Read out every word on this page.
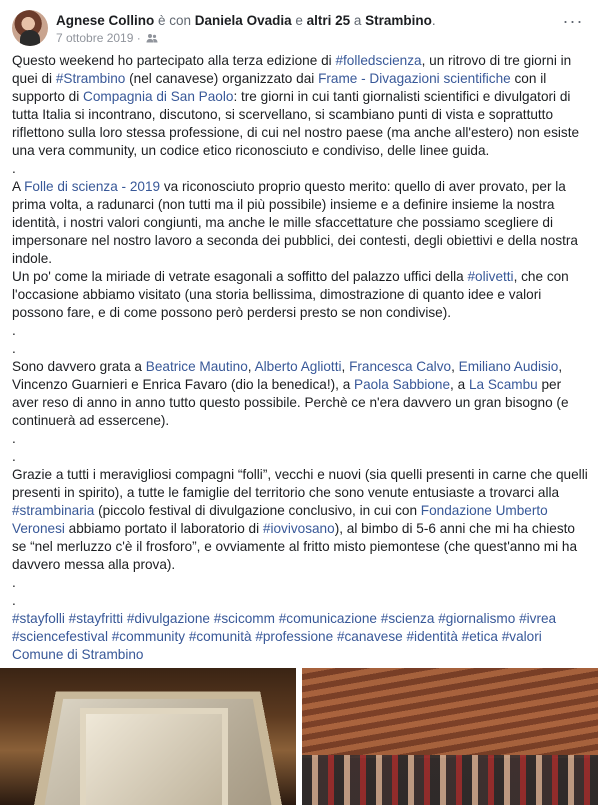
Agnese Collino è con Daniela Ovadia e altri 25 a Strambino.
7 ottobre 2019 ·
···

Questo weekend ho partecipato alla terza edizione di #folledscienza, un ritrovo di tre giorni in quei di #Strambino (nel canavese) organizzato dai Frame - Divagazioni scientifiche con il supporto di Compagnia di San Paolo: tre giorni in cui tanti giornalisti scientifici e divulgatori di tutta Italia si incontrano, discutono, si scervellano, si scambiano punti di vista e soprattutto riflettono sulla loro stessa professione, di cui nel nostro paese (ma anche all'estero) non esiste una vera community, un codice etico riconosciuto e condiviso, delle linee guida.

.

A Folle di scienza - 2019 va riconosciuto proprio questo merito: quello di aver provato, per la prima volta, a radunarci (non tutti ma il più possibile) insieme e a definire insieme la nostra identità, i nostri valori congiunti, ma anche le mille sfaccettature che possiamo scegliere di impersonare nel nostro lavoro a seconda dei pubblici, dei contesti, degli obiettivi e della nostra indole.

Un po' come la miriade di vetrate esagonali a soffitto del palazzo uffici della #olivetti, che con l'occasione abbiamo visitato (una storia bellissima, dimostrazione di quanto idee e valori possono fare, e di come possono però perdersi presto se non condivise).

.

.

Sono davvero grata a Beatrice Mautino, Alberto Agliotti, Francesca Calvo, Emiliano Audisio, Vincenzo Guarnieri e Enrica Favaro (dio la benedica!), a Paola Sabbione, a La Scambu per aver reso di anno in anno tutto questo possibile. Perchè ce n'era davvero un gran bisogno (e continuerà ad essercene).

.

.

Grazie a tutti i meravigliosi compagni “folli”, vecchi e nuovi (sia quelli presenti in carne che quelli presenti in spirito), a tutte le famiglie del territorio che sono venute entusiaste a trovarci alla #strambinaria (piccolo festival di divulgazione conclusivo, in cui con Fondazione Umberto Veronesi abbiamo portato il laboratorio di #iovivosano), al bimbo di 5-6 anni che mi ha chiesto se “nel merluzzo c'è il frosforo”, e ovviamente al fritto misto piemontese (che quest'anno mi ha davvero messa alla prova).

.

.

#stayfolli #stayfritti #divulgazione #scicomm #comunicazione #scienza #giornalismo #ivrea #sciencefestival #community #comunità #professione #canavese #identità #etica #valori Comune di Strambino
